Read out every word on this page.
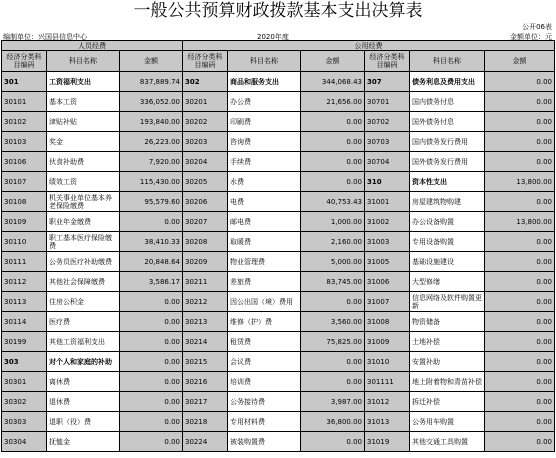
一般公共预算财政拨款基本支出决算表
公开06表
编制单位：兴国县信息中心	2020年度	金额单位：元
人员经费			公用经费					
经济分类科目编码	科目名称	金额	经济分类科目编码	科目名称	金额	经济分类科目编码	科目名称	金额
301	工资福利支出	837,889.74	302	商品和服务支出	344,068.43	307	债务利息及费用支出	0.00
30101	基本工资	336,052.00	30201	办公费	21,656.00	30701	国内债务付息	0.00
30102	津贴补贴	193,840.00	30202	印刷费	0.00	30702	国外债务付息	0.00
30103	奖金	26,223.00	30203	咨询费	0.00	30703	国内债务发行费用	0.00
30106	伙食补助费	7,920.00	30204	手续费	0.00	30704	国外债务发行费用	0.00
30107	绩效工资	115,430.00	30205	水费	0.00	310	资本性支出	13,800.00
30108	机关事业单位基本养老保险缴费	95,579.60	30206	电费	40,753.43	31001	房屋建筑物购建	0.00
30109	职业年金缴费	0.00	30207	邮电费	1,000.00	31002	办公设备购置	13,800.00
30110	职工基本医疗保险缴费	38,410.33	30208	取暖费	2,160.00	31003	专用设备购置	0.00
30111	公务员医疗补助缴费	20,848.64	30209	物业管理费	5,000.00	31005	基础设施建设	0.00
30112	其他社会保障缴费	3,586.17	30211	差旅费	83,745.00	31006	大型修缮	0.00
30113	住房公积金	0.00	30212	因公出国（境）费用	0.00	31007	信息网络及软件购置更新	0.00
30114	医疗费	0.00	30213	维修（护）费	3,560.00	31008	物资储备	0.00
30199	其他工资福利支出	0.00	30214	租赁费	75,825.00	31009	土地补偿	0.00
303	对个人和家庭的补助	0.00	30215	会议费	0.00	31010	安置补助	0.00
30301	离休费	0.00	30216	培训费	0.00	301111	地上附着物和青苗补偿	0.00
30302	退休费	0.00	30217	公务接待费	3,987.00	31012	拆迁补偿	0.00
30303	退职（役）费	0.00	30218	专用材料费	36,800.00	31013	公务用车购置	0.00
30304	抚恤金	0.00	30224	被装购置费	0.00	31019	其他交通工具购置	0.00
